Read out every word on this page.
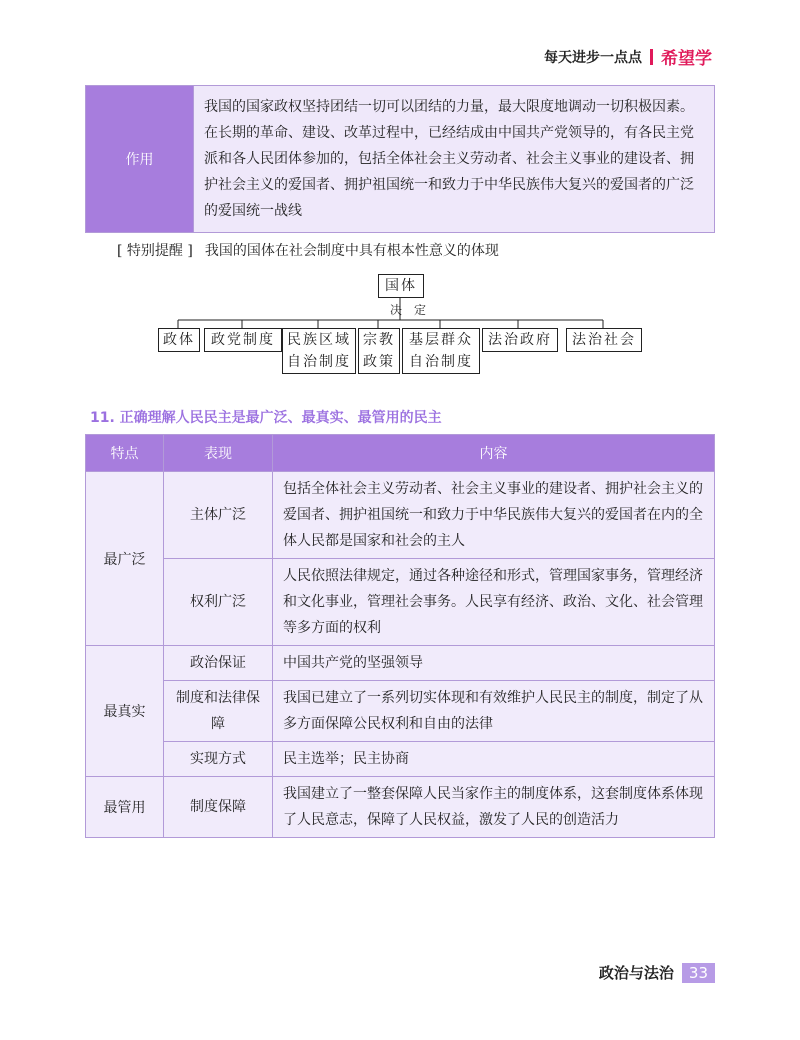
每天进步一点点 希望学
作用	我国的国家政权坚持团结一切可以团结的力量，最大限度地调动一切积极因素。在长期的革命、建设、改革过程中，已经结成由中国共产党领导的，有各民主党派和各人民团体参加的，包括全体社会主义劳动者、社会主义事业的建设者、拥护社会主义的爱国者、拥护祖国统一和致力于中华民族伟大复兴的爱国者的广泛的爱国统一战线
[ 特别提醒 ] 我国的国体在社会制度中具有根本性意义的体现
国体
决 定
政体	政党制度 民族区域
自治制度
宗教
政策
基层群众
自治制度
法治政府	法治社会
11. 正确理解人民民主是最广泛、最真实、最管用的民主
特点	表现	内容
最广泛	主体广泛	包括全体社会主义劳动者、社会主义事业的建设者、拥护社会主义的爱国者、拥护祖国统一和致力于中华民族伟大复兴的爱国者在内的全体人民都是国家和社会的主人
	权利广泛	人民依照法律规定，通过各种途径和形式，管理国家事务，管理经济和文化事业，管理社会事务。人民享有经济、政治、文化、社会管理等多方面的权利
最真实	政治保证	中国共产党的坚强领导
	制度和法律保障	我国已建立了一系列切实体现和有效维护人民民主的制度，制定了从多方面保障公民权利和自由的法律
	实现方式	民主选举；民主协商
最管用	制度保障	我国建立了一整套保障人民当家作主的制度体系，这套制度体系体现了人民意志，保障了人民权益，激发了人民的创造活力
政治与法治	33
